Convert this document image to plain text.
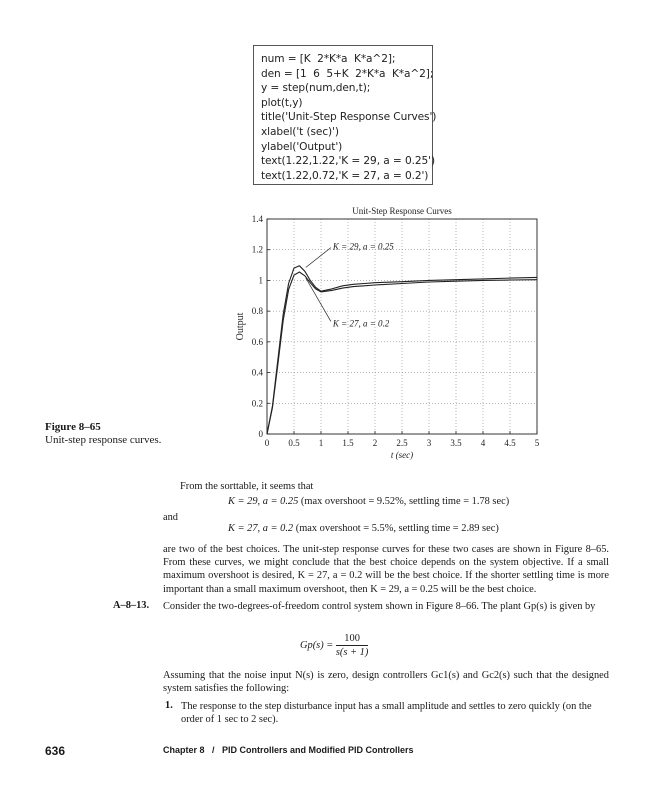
num = [K  2*K*a  K*a^2];
den = [1  6  5+K  2*K*a  K*a^2];
y = step(num,den,t);
plot(t,y)
title('Unit-Step Response Curves')
xlabel('t (sec)')
ylabel('Output')
text(1.22,1.22,'K = 29, a = 0.25')
text(1.22,0.72,'K = 27, a = 0.2')
0 0.5 1 1.5 2 2.5 3 3.5 4 4.5 5
0
0.2
0.4
0.6
0.8
1
1.2
1.4
Unit-Step Response Curves
t (sec)
Output
K = 29, a = 0.25
K = 27, a = 0.2
Figure 8–65
Unit-step response curves.
From the sorttable, it seems that
K = 29, a = 0.25 (max overshoot = 9.52%, settling time = 1.78 sec)
and
K = 27, a = 0.2 (max overshoot = 5.5%, settling time = 2.89 sec)
are two of the best choices. The unit-step response curves for these two cases are shown in Figure 8–65. From these curves, we might conclude that the best choice depends on the system objective. If a small maximum overshoot is desired, K = 27, a = 0.2 will be the best choice. If the shorter settling time is more important than a small maximum overshoot, then K = 29, a = 0.25 will be the best choice.
A–8–13. Consider the two-degrees-of-freedom control system shown in Figure 8–66. The plant Gp(s) is given by
$Gp(s) = \frac{100}{s(s + 1)}$
Assuming that the noise input N(s) is zero, design controllers Gc1(s) and Gc2(s) such that the designed system satisfies the following:
1. The response to the step disturbance input has a small amplitude and settles to zero quickly (on the order of 1 sec to 2 sec).
636	Chapter 8   /   PID Controllers and Modified PID Controllers
